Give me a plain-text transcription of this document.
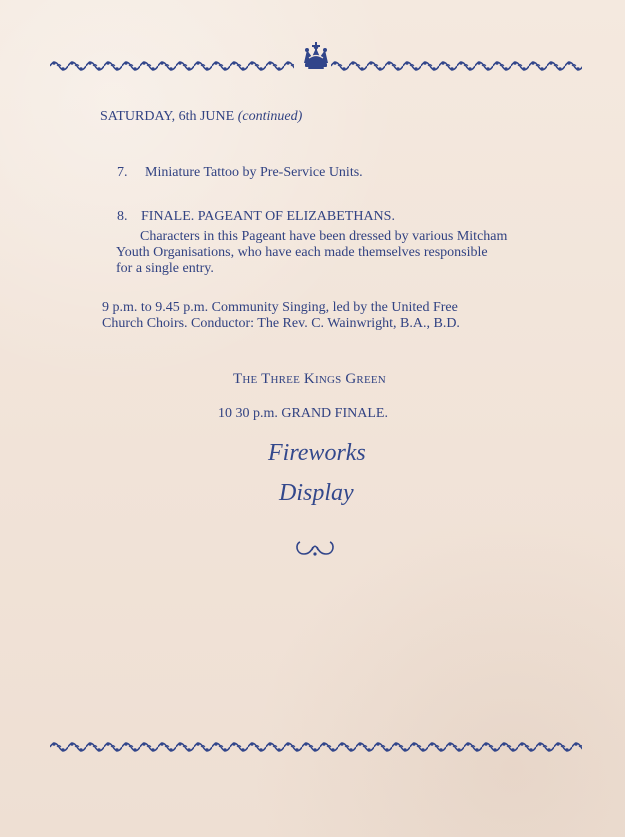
SATURDAY, 6th JUNE (continued)
7. Miniature Tattoo by Pre-Service Units.
8. FINALE. PAGEANT OF ELIZABETHANS.
Characters in this Pageant have been dressed by various Mitcham
Youth Organisations, who have each made themselves responsible
for a single entry.
9 p.m. to 9.45 p.m. Community Singing, led by the United Free
Church Choirs. Conductor: The Rev. C. Wainwright, B.A., B.D.
The Three Kings Green
10 30 p.m. GRAND FINALE.
Fireworks
Display
